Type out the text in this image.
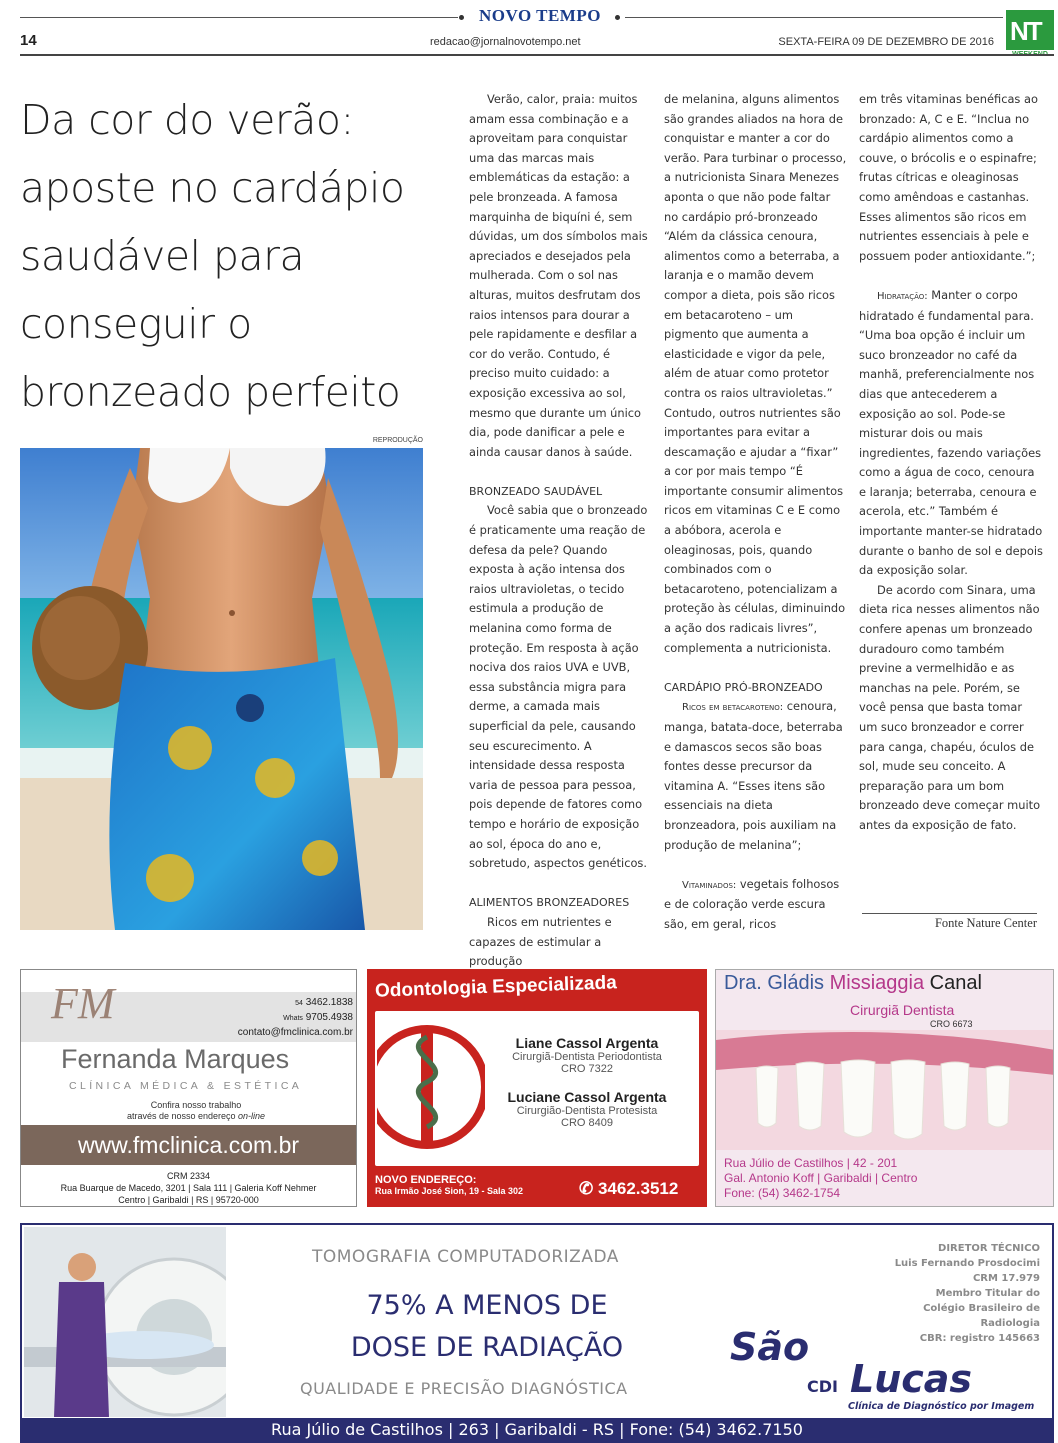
NOVO TEMPO
14	redacao@jornalnovotempo.net	SEXTA-FEIRA 09 DE DEZEMBRO DE 2016 NT
Da cor do verão:
aposte no cardápio
saudável para
conseguir o
bronzeado perfeito
REPRODUÇÃO

Verão, calor, praia: muitos amam essa combinação e a aproveitam para conquistar uma das marcas mais emblemáticas da estação: a pele bronzeada. A famosa marquinha de biquíni é, sem dúvidas, um dos símbolos mais apreciados e desejados pela mulherada. Com o sol nas alturas, muitos desfrutam dos raios intensos para dourar a pele rapidamente e desfilar a cor do verão. Contudo, é preciso muito cuidado: a exposição excessiva ao sol, mesmo que durante um único dia, pode danificar a pele e ainda causar danos à saúde.

BRONZEADO SAUDÁVEL

Você sabia que o bronzeado é praticamente uma reação de defesa da pele? Quando exposta à ação intensa dos raios ultravioletas, o tecido estimula a produção de melanina como forma de proteção. Em resposta à ação nociva dos raios UVA e UVB, essa substância migra para derme, a camada mais superficial da pele, causando seu escurecimento. A intensidade dessa resposta varia de pessoa para pessoa, pois depende de fatores como tempo e horário de exposição ao sol, época do ano e, sobretudo, aspectos genéticos.

ALIMENTOS BRONZEADORES

Ricos em nutrientes e capazes de estimular a produção

de melanina, alguns alimentos são grandes aliados na hora de conquistar e manter a cor do verão. Para turbinar o processo, a nutricionista Sinara Menezes aponta o que não pode faltar no cardápio pró-bronzeado “Além da clássica cenoura, alimentos como a beterraba, a laranja e o mamão devem compor a dieta, pois são ricos em betacaroteno – um pigmento que aumenta a elasticidade e vigor da pele, além de atuar como protetor contra os raios ultravioletas.” Contudo, outros nutrientes são importantes para evitar a descamação e ajudar a “fixar” a cor por mais tempo “É importante consumir alimentos ricos em vitaminas C e E como a abóbora, acerola e oleaginosas, pois, quando combinados com o betacaroteno, potencializam a proteção às células, diminuindo a ação dos radicais livres”, complementa a nutricionista.

CARDÁPIO PRÓ-BRONZEADO

Ricos em betacaroteno: cenoura, manga, batata-doce, beterraba e damascos secos são boas fontes desse precursor da vitamina A. “Esses itens são essenciais na dieta bronzeadora, pois auxiliam na produção de melanina”;

Vitaminados: vegetais folhosos e de coloração verde escura são, em geral, ricos

em três vitaminas benéficas ao bronzado: A, C e E. “Inclua no cardápio alimentos como a couve, o brócolis e o espinafre; frutas cítricas e oleaginosas como amêndoas e castanhas. Esses alimentos são ricos em nutrientes essenciais à pele e possuem poder antioxidante.”;

Hidratação: Manter o corpo hidratado é fundamental para. “Uma boa opção é incluir um suco bronzeador no café da manhã, preferencialmente nos dias que antecederem a exposição ao sol. Pode-se misturar dois ou mais ingredientes, fazendo variações como a água de coco, cenoura e laranja; beterraba, cenoura e acerola, etc.” Também é importante manter-se hidratado durante o banho de sol e depois da exposição solar.

De acordo com Sinara, uma dieta rica nesses alimentos não confere apenas um bronzeado duradouro como também previne a vermelhidão e as manchas na pele. Porém, se você pensa que basta tomar um suco bronzeador e correr para canga, chapéu, óculos de sol, mude seu conceito. A preparação para um bom bronzeado deve começar muito antes da exposição de fato.

Fonte Nature Center
FM	54 3462.1838
Whats 9705.4938
contato@fmclinica.com.br
Fernanda Marques
CLÍNICA MÉDICA & ESTÉTICA
Confira nosso trabalho
através de nosso endereço on-line
www.fmclinica.com.br
CRM 2334
Rua Buarque de Macedo, 3201 | Sala 111 | Galeria Koff Nehmer
Centro | Garibaldi | RS | 95720-000
Odontologia Especializada
Liane Cassol Argenta
Cirurgiã-Dentista Periodontista
CRO 7322
Luciane Cassol Argenta
Cirurgião-Dentista Protesista
CRO 8409
NOVO ENDEREÇO:
Rua Irmão José Sion, 19 - Sala 302	✆ 3462.3512
Dra. Gládis Missiaggia Canal
Cirurgiã Dentista
CRO 6673
Rua Júlio de Castilhos | 42 - 201
Gal. Antonio Koff | Garibaldi | Centro
Fone: (54) 3462-1754
TOMOGRAFIA COMPUTADORIZADA
75% A MENOS DE
DOSE DE RADIAÇÃO
QUALIDADE E PRECISÃO DIAGNÓSTICA
DIRETOR TÉCNICO
Luis Fernando Prosdocimi
CRM 17.979
Membro Titular do
Colégio Brasileiro de
Radiologia
CBR: registro 145663
São
CDI Lucas
Clínica de Diagnóstico por Imagem
Rua Júlio de Castilhos | 263 | Garibaldi - RS | Fone: (54) 3462.7150
